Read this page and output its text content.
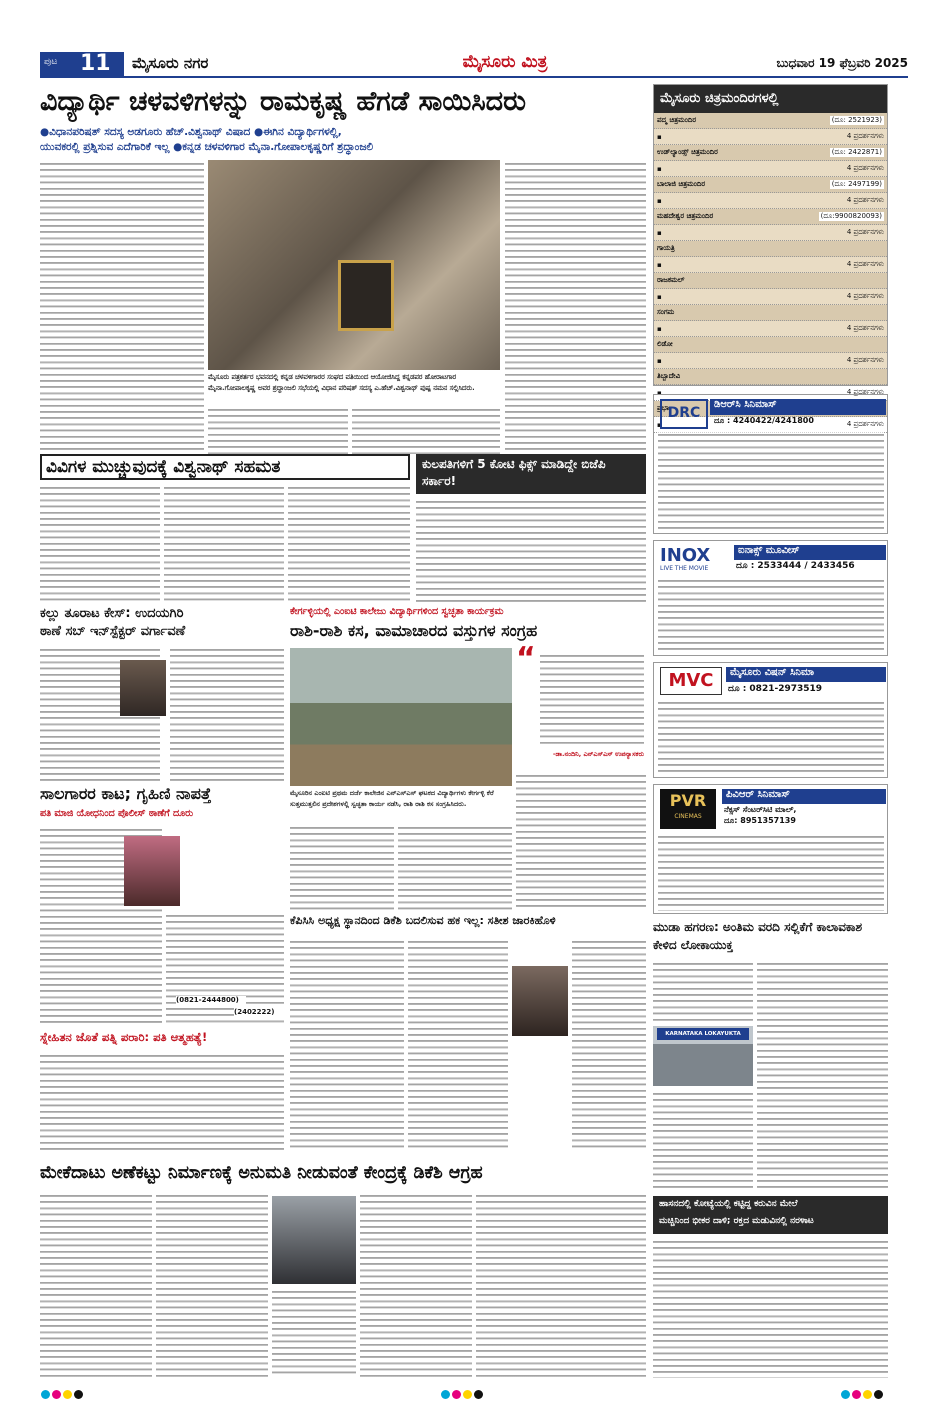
ಪುಟ 11 ಮೈಸೂರು ನಗರ	ಮೈಸೂರು ಮಿತ್ರ	ಬುಧವಾರ 19 ಫೆಬ್ರವರಿ 2025
ವಿದ್ಯಾರ್ಥಿ ಚಳವಳಿಗಳನ್ನು ರಾಮಕೃಷ್ಣ ಹೆಗಡೆ ಸಾಯಿಸಿದರು
●ವಿಧಾನಪರಿಷತ್ ಸದಸ್ಯ ಅಡಗೂರು ಹೆಚ್.ವಿಶ್ವನಾಥ್ ವಿಷಾದ ●ಈಗಿನ ವಿದ್ಯಾರ್ಥಿಗಳಲ್ಲಿ,
ಯುವಕರಲ್ಲಿ ಪ್ರಶ್ನಿಸುವ ಎದೆಗಾರಿಕೆ ಇಲ್ಲ ●ಕನ್ನಡ ಚಳವಳಿಗಾರ ಮೈನಾ.ಗೋಪಾಲಕೃಷ್ಣರಿಗೆ ಶ್ರದ್ಧಾಂಜಲಿ
ಮೈಸೂರು ಪತ್ರಕರ್ತರ ಭವನದಲ್ಲಿ ಕನ್ನಡ ಚಳವಳಿಗಾರರ ಸಂಘದ ವತಿಯಿಂದ ಆಯೋಜಿಸಿದ್ದ ಕನ್ನಡಪರ ಹೋರಾಟಗಾರ ಮೈನಾ.ಗೋಪಾಲಕೃಷ್ಣ ಅವರ ಶ್ರದ್ಧಾಂಜಲಿ ಸಭೆಯಲ್ಲಿ ವಿಧಾನ ಪರಿಷತ್ ಸದಸ್ಯ ಎ.ಹೆಚ್.ವಿಶ್ವನಾಥ್ ಪುಷ್ಪ ನಮನ ಸಲ್ಲಿಸಿದರು.
ಮೈಸೂರು ಚಿತ್ರಮಂದಿರಗಳಲ್ಲಿ
ಪದ್ಮ ಚಿತ್ರಮಂದಿರ	(ದೂ: 2521923)
▪	4 ಪ್ರದರ್ಶನಗಳು
ಉಡ್‌ಲ್ಯಾಂಡ್ಸ್ ಚಿತ್ರಮಂದಿರ	(ದೂ: 2422871)
▪	4 ಪ್ರದರ್ಶನಗಳು
ಬಾಲಾಜಿ ಚಿತ್ರಮಂದಿರ	(ದೂ: 2497199)
▪	4 ಪ್ರದರ್ಶನಗಳು
ಮಹದೇಶ್ವರ ಚಿತ್ರಮಂದಿರ	(ದೂ:9900820093)
▪	4 ಪ್ರದರ್ಶನಗಳು
ಗಾಯತ್ರಿ
▪	4 ಪ್ರದರ್ಶನಗಳು
ರಾಜಕಮಲ್
▪	4 ಪ್ರದರ್ಶನಗಳು
ಸಂಗಮ
▪	4 ಪ್ರದರ್ಶನಗಳು
ಲಿಡೋ
▪	4 ಪ್ರದರ್ಶನಗಳು
ತಿಬ್ಬಾದೇವಿ
▪	4 ಪ್ರದರ್ಶನಗಳು
ಪ್ರಭಾ
▪	4 ಪ್ರದರ್ಶನಗಳು
DRC
ಡಿಆರ್‌ಸಿ ಸಿನಿಮಾಸ್
ದೂ : 4240422/4241800
INOX
LIVE THE MOVIE
ಐನಾಕ್ಸ್ ಮೂವೀಸ್
ದೂ : 2533444 / 2433456
MVC	ಮೈಸೂರು ವಿಷನ್ ಸಿನಿಮಾ
ದೂ : 0821-2973519
PVR
CINEMAS
ಪಿವಿಆರ್ ಸಿನಿಮಾಸ್
ನೆಕ್ಸಸ್ ಸೆಂಟರ್‌ಸಿಟಿ ಮಾಲ್,
ದೂ: 8951357139
ವಿವಿಗಳ ಮುಚ್ಚುವುದಕ್ಕೆ ವಿಶ್ವನಾಥ್ ಸಹಮತ	ಕುಲಪತಿಗಳಿಗೆ 5 ಕೋಟಿ ಫಿಕ್ಸ್ ಮಾಡಿದ್ದೇ ಬಿಜೆಪಿ ಸರ್ಕಾರ!
ಕಲ್ಲು ತೂರಾಟ ಕೇಸ್: ಉದಯಗಿರಿ
ಠಾಣೆ ಸಬ್ ಇನ್‌ಸ್ಪೆಕ್ಟರ್ ವರ್ಗಾವಣೆ
ಕೇರ್ಗಳ್ಳಿಯಲ್ಲಿ ಎಂಐಟಿ ಕಾಲೇಜು ವಿದ್ಯಾರ್ಥಿಗಳಿಂದ ಸ್ವಚ್ಛತಾ ಕಾರ್ಯಕ್ರಮ
ರಾಶಿ-ರಾಶಿ ಕಸ, ವಾಮಾಚಾರದ ವಸ್ತುಗಳ ಸಂಗ್ರಹ
ಮೈಸೂರಿನ ಎಂಐಟಿ ಪ್ರಥಮ ದರ್ಜೆ ಕಾಲೇಜಿನ ಎನ್‌ಎಸ್‌ಎಸ್ ಘಟಕದ ವಿದ್ಯಾರ್ಥಿಗಳು ಕೇರ್ಗಳ್ಳಿ ಕೆರೆ ಸುತ್ತಮುತ್ತಲಿನ ಪ್ರದೇಶಗಳಲ್ಲಿ ಸ್ವಚ್ಛತಾ ಕಾರ್ಯ ನಡೆಸಿ, ರಾಶಿ ರಾಶಿ ಕಸ ಸಂಗ್ರಹಿಸಿದರು.
“
-ಡಾ.ನಂದಿನಿ, ಎನ್‌ಎಸ್‌ಎಸ್ ಉಪನ್ಯಾಸಕರು
ಸಾಲಗಾರರ ಕಾಟ; ಗೃಹಿಣಿ ನಾಪತ್ತೆ
ಪತಿ ಮಾಜಿ ಯೋಧನಿಂದ ಪೊಲೀಸ್ ಠಾಣೆಗೆ ದೂರು
(0821-2444800)
(2402222)
ಸ್ನೇಹಿತನ ಜೊತೆ ಪತ್ನಿ ಪರಾರಿ: ಪತಿ ಆತ್ಮಹತ್ಯೆ!
ಕೆಪಿಸಿಸಿ ಅಧ್ಯಕ್ಷ ಸ್ಥಾನದಿಂದ ಡಿಕೆಶಿ ಬದಲಿಸುವ ಹಕ ಇಲ್ಲ: ಸತೀಶ ಜಾರಕಿಹೊಳಿ	ಮುಡಾ ಹಗರಣ: ಅಂತಿಮ ವರದಿ ಸಲ್ಲಿಕೆಗೆ ಕಾಲಾವಕಾಶ ಕೇಳಿದ ಲೋಕಾಯುಕ್ತ
KARNATAKA LOKAYUKTA
ಹಾಸನದಲ್ಲಿ ಕೋಟ್ಯೆಯಲ್ಲಿ ಕಟ್ಟಿದ್ದ ಕರುವಿನ ಮೇಲೆ
ಮಚ್ಚಿನಿಂದ ಭೀಕರ ದಾಳಿ; ರಕ್ತದ ಮಡುವಿನಲ್ಲಿ ನರಳಾಟ
ಮೇಕೆದಾಟು ಅಣೆಕಟ್ಟು ನಿರ್ಮಾಣಕ್ಕೆ ಅನುಮತಿ ನೀಡುವಂತೆ ಕೇಂದ್ರಕ್ಕೆ ಡಿಕೆಶಿ ಆಗ್ರಹ
